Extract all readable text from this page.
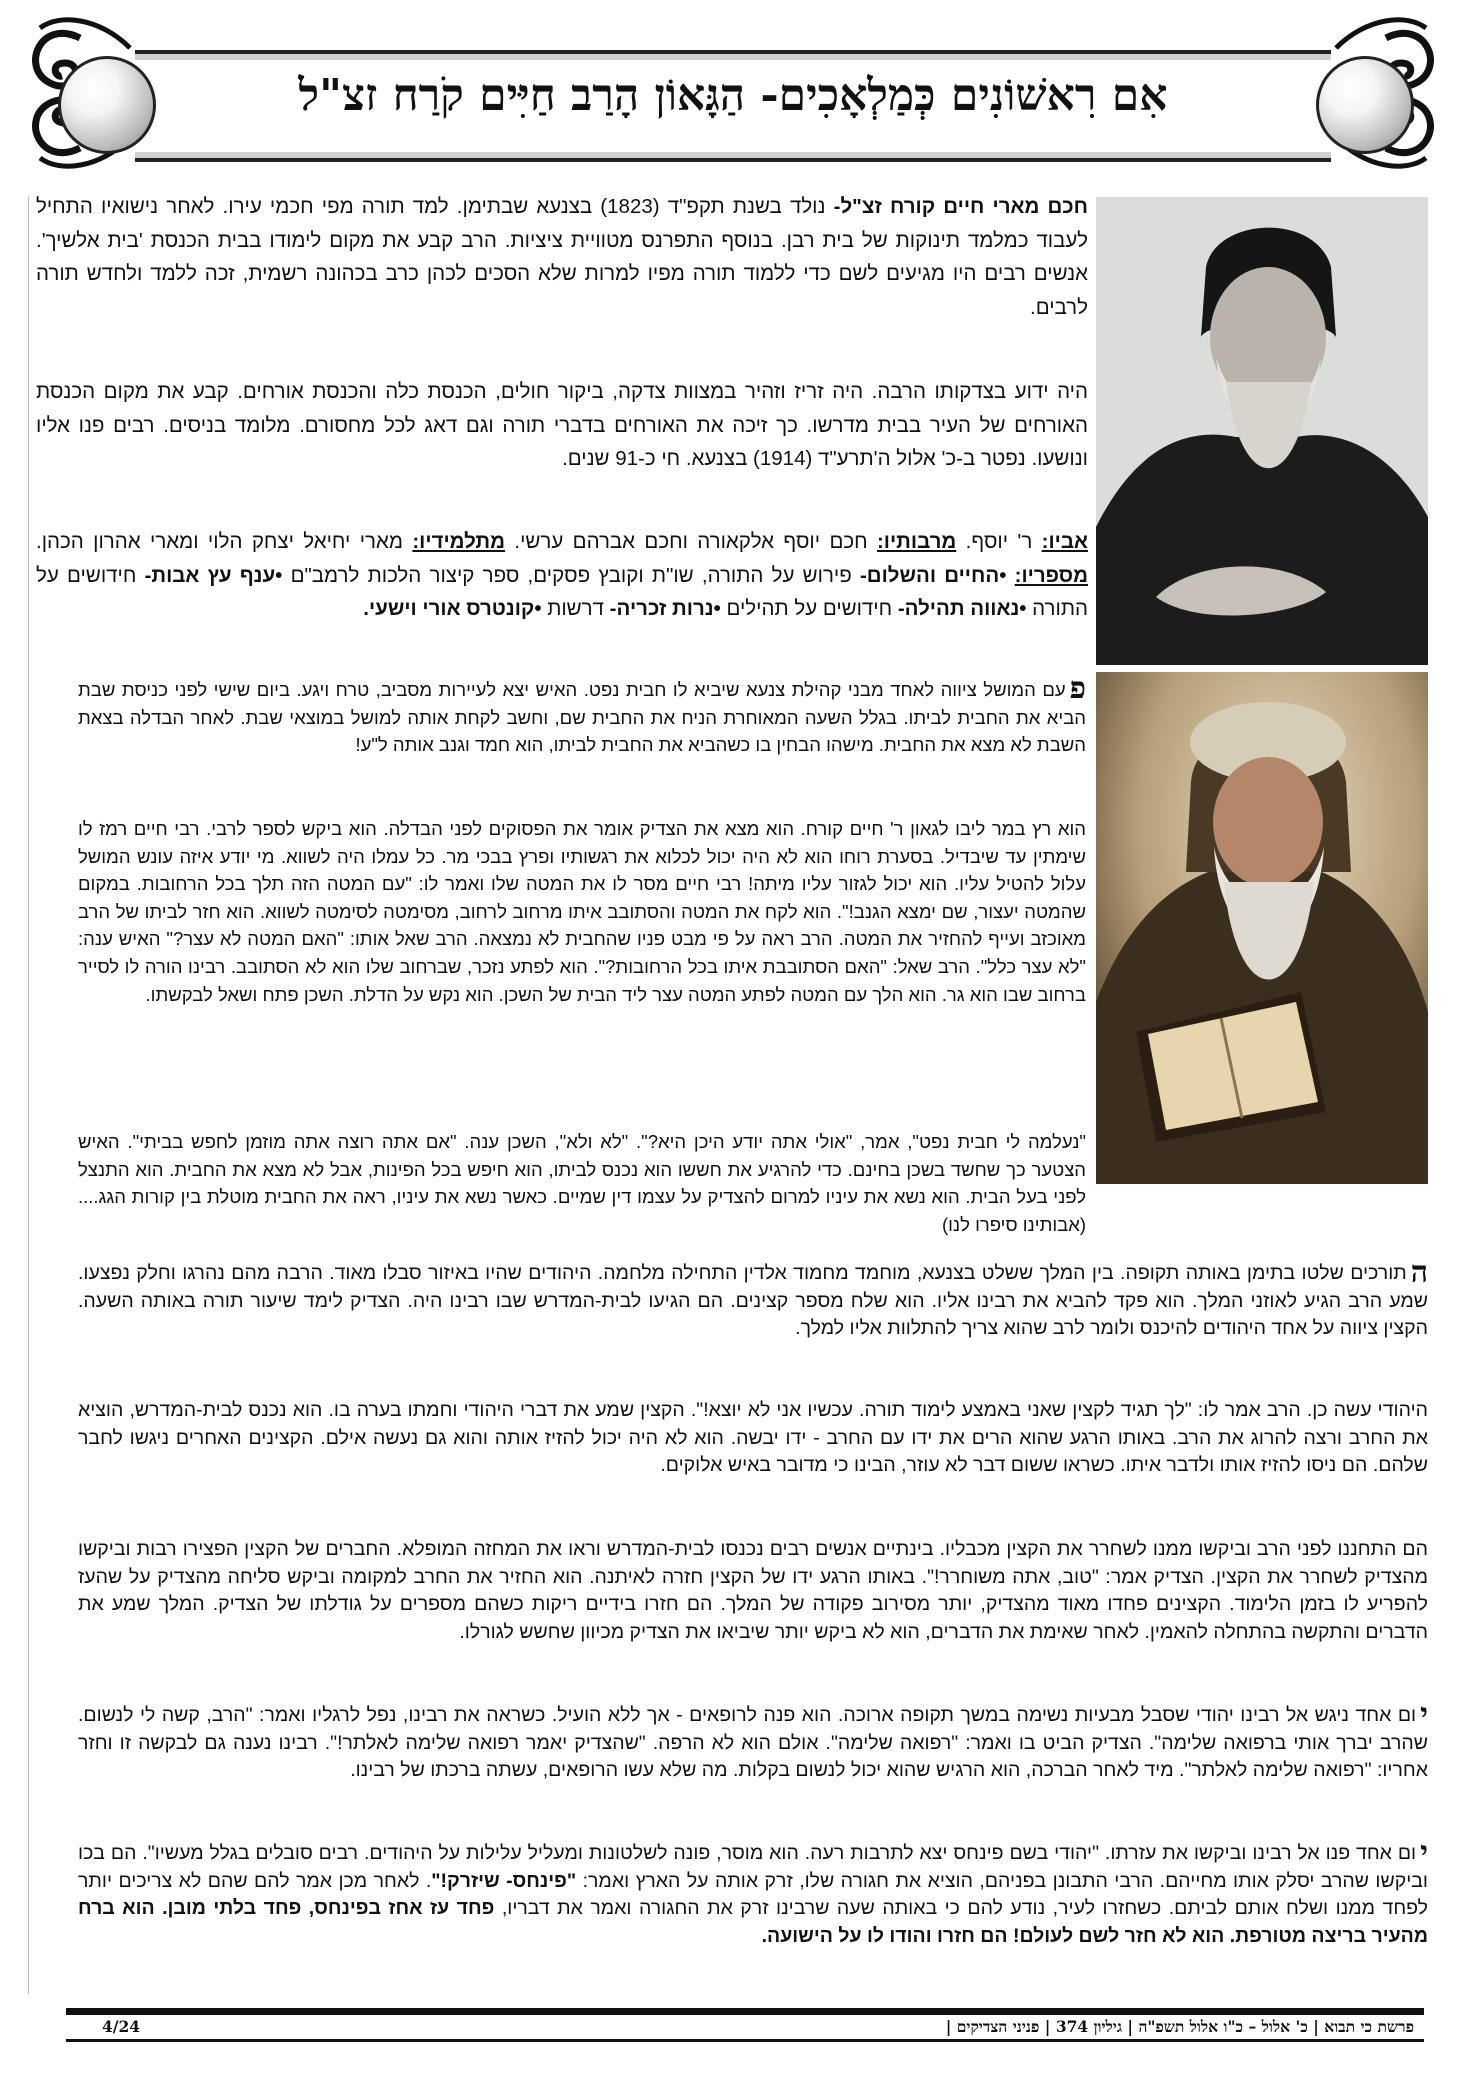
אִם רִאשׁוֹנִים כְּמַלְאָכִים- הַגָּאוֹן הָרַב חַיִּים קֹרַח זצ"ל
חכם מארי חיים קורח זצ"ל- נולד בשנת תקפ"ד (1823) בצנעא שבתימן. למד תורה מפי חכמי עירו. לאחר נישואיו התחיל לעבוד כמלמד תינוקות של בית רבן. בנוסף התפרנס מטוויית ציציות. הרב קבע את מקום לימודו בבית הכנסת 'בית אלשיך'. אנשים רבים היו מגיעים לשם כדי ללמוד תורה מפיו למרות שלא הסכים לכהן כרב בכהונה רשמית, זכה ללמד ולחדש תורה לרבים.
היה ידוע בצדקותו הרבה. היה זריז וזהיר במצוות צדקה, ביקור חולים, הכנסת כלה והכנסת אורחים. קבע את מקום הכנסת האורחים של העיר בבית מדרשו. כך זיכה את האורחים בדברי תורה וגם דאג לכל מחסורם. מלומד בניסים. רבים פנו אליו ונושעו. נפטר ב-כ' אלול ה'תרע"ד (1914) בצנעא. חי כ-91 שנים.
אביו: ר' יוסף. מרבותיו: חכם יוסף אלקאורה וחכם אברהם ערשי. מתלמידיו: מארי יחיאל יצחק הלוי ומארי אהרון הכהן. מספריו: •החיים והשלום- פירוש על התורה, שו"ת וקובץ פסקים, ספר קיצור הלכות לרמב"ם •ענף עץ אבות- חידושים על התורה •נאווה תהילה- חידושים על תהילים •נרות זכריה- דרשות •קונטרס אורי וישעי.
פ
עם המושל ציווה לאחד מבני קהילת צנעא שיביא לו חבית נפט. האיש יצא לעיירות מסביב, טרח ויגע. ביום שישי לפני כניסת שבת הביא את החבית לביתו. בגלל השעה המאוחרת הניח את החבית שם, וחשב לקחת אותה למושל במוצאי שבת. לאחר הבדלה בצאת השבת לא מצא את החבית. מישהו הבחין בו כשהביא את החבית לביתו, הוא חמד וגנב אותה ל"ע!
הוא רץ במר ליבו לגאון ר' חיים קורח. הוא מצא את הצדיק אומר את הפסוקים לפני הבדלה. הוא ביקש לספר לרבי. רבי חיים רמז לו שימתין עד שיבדיל. בסערת רוחו הוא לא היה יכול לכלוא את רגשותיו ופרץ בבכי מר. כל עמלו היה לשווא. מי יודע איזה עונש המושל עלול להטיל עליו. הוא יכול לגזור עליו מיתה! רבי חיים מסר לו את המטה שלו ואמר לו: "עם המטה הזה תלך בכל הרחובות. במקום שהמטה יעצור, שם ימצא הגנב!". הוא לקח את המטה והסתובב איתו מרחוב לרחוב, מסימטה לסימטה לשווא. הוא חזר לביתו של הרב מאוכזב ועייף להחזיר את המטה. הרב ראה על פי מבט פניו שהחבית לא נמצאה. הרב שאל אותו: "האם המטה לא עצר?" האיש ענה: "לא עצר כלל". הרב שאל: "האם הסתובבת איתו בכל הרחובות?". הוא לפתע נזכר, שברחוב שלו הוא לא הסתובב. רבינו הורה לו לסייר ברחוב שבו הוא גר. הוא הלך עם המטה לפתע המטה עצר ליד הבית של השכן. הוא נקש על הדלת. השכן פתח ושאל לבקשתו.
"נעלמה לי חבית נפט", אמר, "אולי אתה יודע היכן היא?". "לא ולא", השכן ענה. "אם אתה רוצה אתה מוזמן לחפש בביתי". האיש הצטער כך שחשד בשכן בחינם. כדי להרגיע את חששו הוא נכנס לביתו, הוא חיפש בכל הפינות, אבל לא מצא את החבית. הוא התנצל לפני בעל הבית. הוא נשא את עיניו למרום להצדיק על עצמו דין שמיים. כאשר נשא את עיניו, ראה את החבית מוטלת בין קורות הגג.... (אבותינו סיפרו לנו)
ה
תורכים שלטו בתימן באותה תקופה. בין המלך ששלט בצנעא, מוחמד מחמוד אלדין התחילה מלחמה. היהודים שהיו באיזור סבלו מאוד. הרבה מהם נהרגו וחלק נפצעו. שמע הרב הגיע לאוזני המלך. הוא פקד להביא את רבינו אליו. הוא שלח מספר קצינים. הם הגיעו לבית-המדרש שבו רבינו היה. הצדיק לימד שיעור תורה באותה השעה. הקצין ציווה על אחד היהודים להיכנס ולומר לרב שהוא צריך להתלוות אליו למלך.
היהודי עשה כן. הרב אמר לו: "לך תגיד לקצין שאני באמצע לימוד תורה. עכשיו אני לא יוצא!". הקצין שמע את דברי היהודי וחמתו בערה בו. הוא נכנס לבית-המדרש, הוציא את החרב ורצה להרוג את הרב. באותו הרגע שהוא הרים את ידו עם החרב - ידו יבשה. הוא לא היה יכול להזיז אותה והוא גם נעשה אילם. הקצינים האחרים ניגשו לחבר שלהם. הם ניסו להזיז אותו ולדבר איתו. כשראו ששום דבר לא עוזר, הבינו כי מדובר באיש אלוקים.
הם התחננו לפני הרב וביקשו ממנו לשחרר את הקצין מכבליו. בינתיים אנשים רבים נכנסו לבית-המדרש וראו את המחזה המופלא. החברים של הקצין הפצירו רבות וביקשו מהצדיק לשחרר את הקצין. הצדיק אמר: "טוב, אתה משוחרר!". באותו הרגע ידו של הקצין חזרה לאיתנה. הוא החזיר את החרב למקומה וביקש סליחה מהצדיק על שהעז להפריע לו בזמן הלימוד. הקצינים פחדו מאוד מהצדיק, יותר מסירוב פקודה של המלך. הם חזרו בידיים ריקות כשהם מספרים על גודלתו של הצדיק. המלך שמע את הדברים והתקשה בהתחלה להאמין. לאחר שאימת את הדברים, הוא לא ביקש יותר שיביאו את הצדיק מכיוון שחשש לגורלו.
י
ום אחד ניגש אל רבינו יהודי שסבל מבעיות נשימה במשך תקופה ארוכה. הוא פנה לרופאים - אך ללא הועיל. כשראה את רבינו, נפל לרגליו ואמר: "הרב, קשה לי לנשום. שהרב יברך אותי ברפואה שלימה". הצדיק הביט בו ואמר: "רפואה שלימה". אולם הוא לא הרפה. "שהצדיק יאמר רפואה שלימה לאלתר!". רבינו נענה גם לבקשה זו וחזר אחריו: "רפואה שלימה לאלתר". מיד לאחר הברכה, הוא הרגיש שהוא יכול לנשום בקלות. מה שלא עשו הרופאים, עשתה ברכתו של רבינו.
י
ום אחד פנו אל רבינו וביקשו את עזרתו. "יהודי בשם פינחס יצא לתרבות רעה. הוא מוסר, פונה לשלטונות ומעליל עלילות על היהודים. רבים סובלים בגלל מעשיו". הם בכו וביקשו שהרב יסלק אותו מחייהם. הרבי התבונן בפניהם, הוציא את חגורה שלו, זרק אותה על הארץ ואמר: "פינחס- שיזרק!". לאחר מכן אמר להם שהם לא צריכים יותר לפחד ממנו ושלח אותם לביתם. כשחזרו לעיר, נודע להם כי באותה שעה שרבינו זרק את החגורה ואמר את דבריו, פחד עז אחז בפינחס, פחד בלתי מובן. הוא ברח מהעיר בריצה מטורפת. הוא לא חזר לשם לעולם! הם חזרו והודו לו על הישועה.
פרשת כי תבוא | כ' אלול – כ"ו אלול תשפ"ה | גיליון 374 | פניני הצדיקים |
4/24
